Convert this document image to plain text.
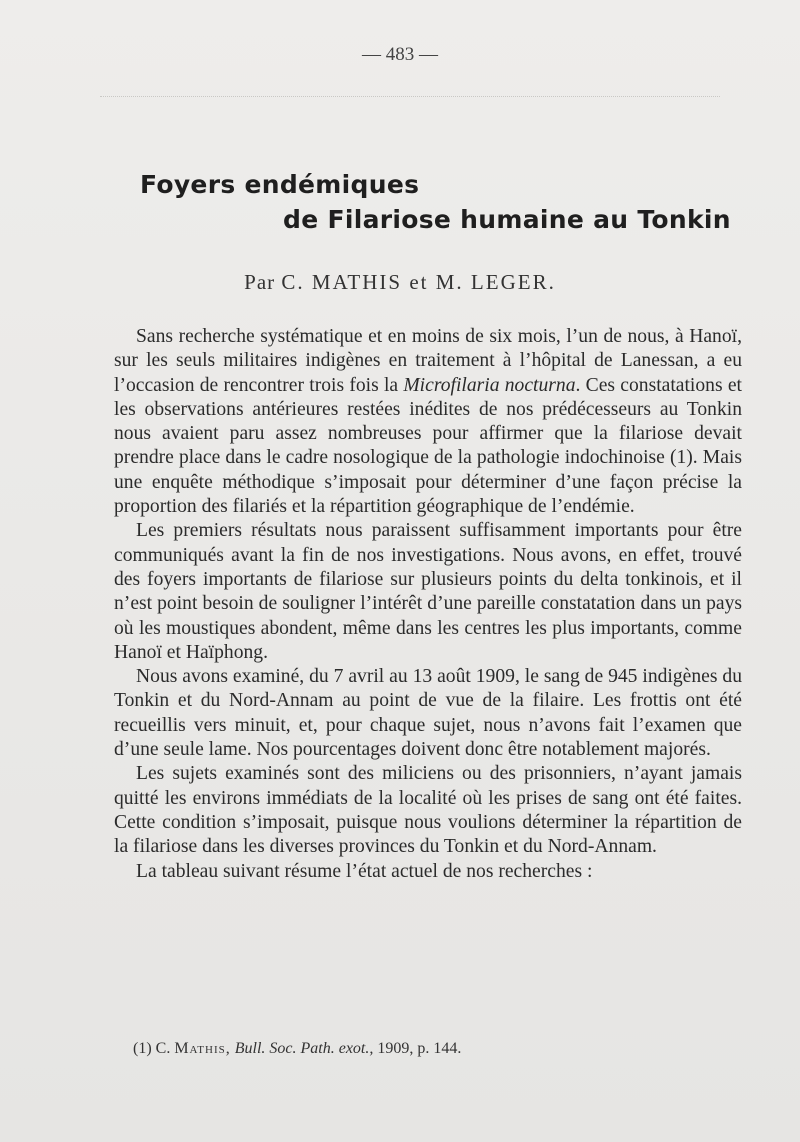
— 483 —
Foyers endémiques
de Filariose humaine au Tonkin
Par C. MATHIS et M. LEGER.

Sans recherche systématique et en moins de six mois, l’un de nous, à Hanoï, sur les seuls militaires indigènes en traitement à l’hôpital de Lanessan, a eu l’occasion de rencontrer trois fois la Microfilaria nocturna. Ces constatations et les observations antérieures restées inédites de nos prédécesseurs au Tonkin nous avaient paru assez nombreuses pour affirmer que la filariose devait prendre place dans le cadre nosologique de la pathologie indochinoise (1). Mais une enquête méthodique s’imposait pour déterminer d’une façon précise la proportion des filariés et la répartition géographique de l’endémie.

Les premiers résultats nous paraissent suffisamment importants pour être communiqués avant la fin de nos investigations. Nous avons, en effet, trouvé des foyers importants de filariose sur plusieurs points du delta tonkinois, et il n’est point besoin de souligner l’intérêt d’une pareille constatation dans un pays où les moustiques abondent, même dans les centres les plus importants, comme Hanoï et Haïphong.

Nous avons examiné, du 7 avril au 13 août 1909, le sang de 945 indigènes du Tonkin et du Nord-Annam au point de vue de la filaire. Les frottis ont été recueillis vers minuit, et, pour chaque sujet, nous n’avons fait l’examen que d’une seule lame. Nos pourcentages doivent donc être notablement majorés.

Les sujets examinés sont des miliciens ou des prisonniers, n’ayant jamais quitté les environs immédiats de la localité où les prises de sang ont été faites. Cette condition s’imposait, puisque nous voulions déterminer la répartition de la filariose dans les diverses provinces du Tonkin et du Nord-Annam.

La tableau suivant résume l’état actuel de nos recherches :

(1) C. Mathis, Bull. Soc. Path. exot., 1909, p. 144.
